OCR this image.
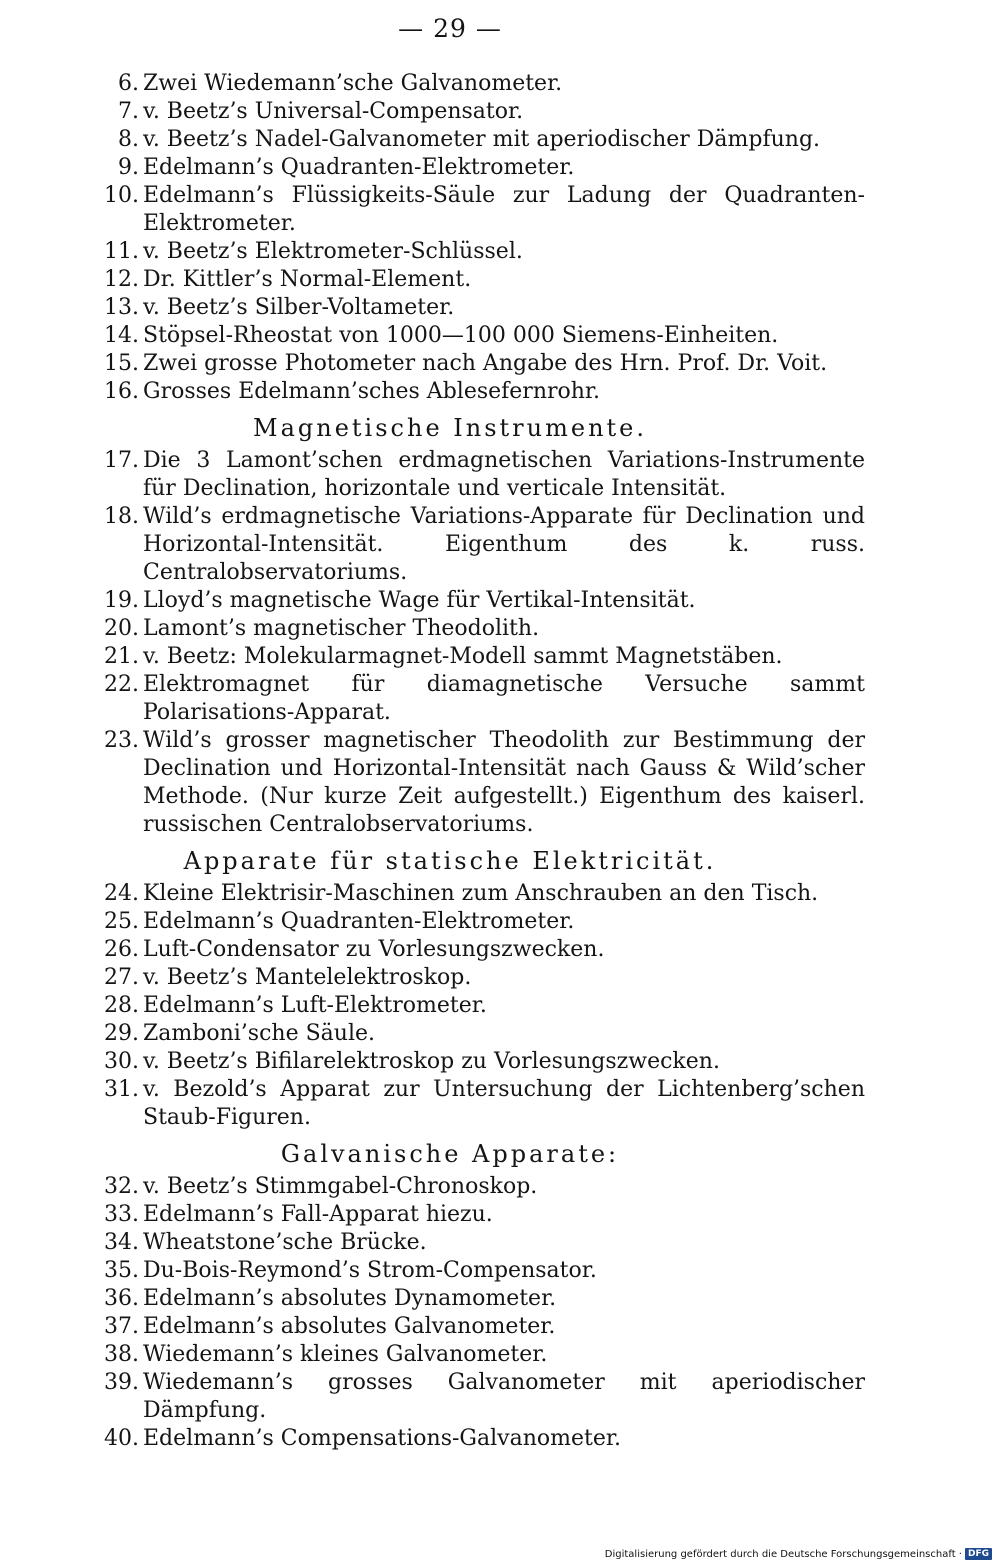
— 29 —
6. Zwei Wiedemann’sche Galvanometer.
7. v. Beetz’s Universal-Compensator.
8. v. Beetz’s Nadel-Galvanometer mit aperiodischer Dämpfung.
9. Edelmann’s Quadranten-Elektrometer.
10. Edelmann’s Flüssigkeits-Säule zur Ladung der Quadranten-Elektrometer.
11. v. Beetz’s Elektrometer-Schlüssel.
12. Dr. Kittler’s Normal-Element.
13. v. Beetz’s Silber-Voltameter.
14. Stöpsel-Rheostat von 1000—100 000 Siemens-Einheiten.
15. Zwei grosse Photometer nach Angabe des Hrn. Prof. Dr. Voit.
16. Grosses Edelmann’sches Ablesefernrohr.
Magnetische Instrumente.
17. Die 3 Lamont’schen erdmagnetischen Variations-Instrumente für Declination, horizontale und verticale Intensität.
18. Wild’s erdmagnetische Variations-Apparate für Declination und Horizontal-Intensität. Eigenthum des k. russ. Centralobservatoriums.
19. Lloyd’s magnetische Wage für Vertikal-Intensität.
20. Lamont’s magnetischer Theodolith.
21. v. Beetz: Molekularmagnet-Modell sammt Magnetstäben.
22. Elektromagnet für diamagnetische Versuche sammt Polarisations-Apparat.
23. Wild’s grosser magnetischer Theodolith zur Bestimmung der Declination und Horizontal-Intensität nach Gauss & Wild’scher Methode. (Nur kurze Zeit aufgestellt.) Eigenthum des kaiserl. russischen Centralobservatoriums.
Apparate für statische Elektricität.
24. Kleine Elektrisir-Maschinen zum Anschrauben an den Tisch.
25. Edelmann’s Quadranten-Elektrometer.
26. Luft-Condensator zu Vorlesungszwecken.
27. v. Beetz’s Mantelelektroskop.
28. Edelmann’s Luft-Elektrometer.
29. Zamboni’sche Säule.
30. v. Beetz’s Bifilarelektroskop zu Vorlesungszwecken.
31. v. Bezold’s Apparat zur Untersuchung der Lichtenberg’schen Staub-Figuren.
Galvanische Apparate:
32. v. Beetz’s Stimmgabel-Chronoskop.
33. Edelmann’s Fall-Apparat hiezu.
34. Wheatstone’sche Brücke.
35. Du-Bois-Reymond’s Strom-Compensator.
36. Edelmann’s absolutes Dynamometer.
37. Edelmann’s absolutes Galvanometer.
38. Wiedemann’s kleines Galvanometer.
39. Wiedemann’s grosses Galvanometer mit aperiodischer Dämpfung.
40. Edelmann’s Compensations-Galvanometer.
Digitalisierung gefördert durch die Deutsche Forschungsgemeinschaft · DFG
